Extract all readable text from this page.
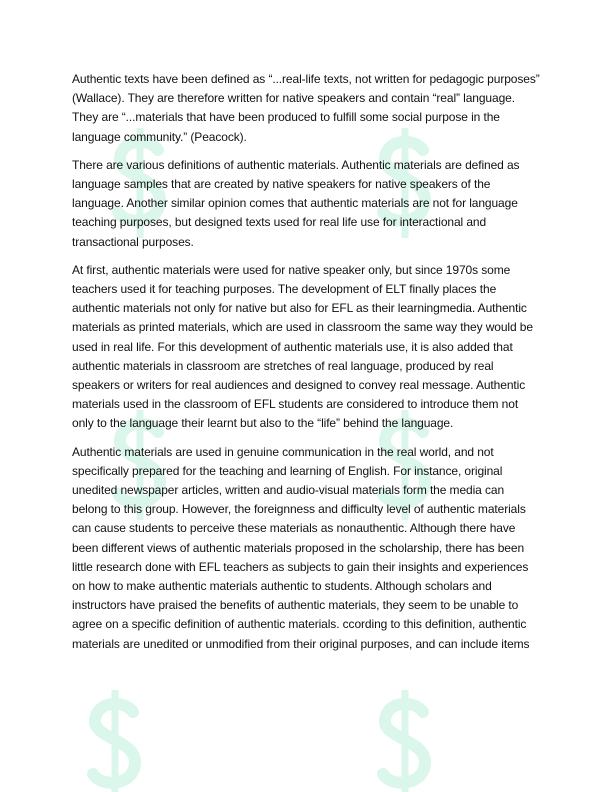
Authentic texts have been defined as “...real-life texts, not written for pedagogic purposes” (Wallace). They are therefore written for native speakers and contain “real” language. They are “...materials that have been produced to fulfill some social purpose in the language community.” (Peacock).

There are various definitions of authentic materials. Authentic materials are defined as language samples that are created by native speakers for native speakers of the language. Another similar opinion comes that authentic materials are not for language teaching purposes, but designed texts used for real life use for interactional and transactional purposes.

At first, authentic materials were used for native speaker only, but since 1970s some teachers used it for teaching purposes. The development of ELT finally places the authentic materials not only for native but also for EFL as their learningmedia. Authentic materials as printed materials, which are used in classroom the same way they would be used in real life. For this development of authentic materials use, it is also added that authentic materials in classroom are stretches of real language, produced by real speakers or writers for real audiences and designed to convey real message. Authentic materials used in the classroom of EFL students are considered to introduce them not only to the language their learnt but also to the “life” behind the language.

Authentic materials are used in genuine communication in the real world, and not specifically prepared for the teaching and learning of English. For instance, original unedited newspaper articles, written and audio-visual materials form the media can belong to this group. However, the foreignness and difficulty level of authentic materials can cause students to perceive these materials as nonauthentic. Although there have been different views of authentic materials proposed in the scholarship, there has been little research done with EFL teachers as subjects to gain their insights and experiences on how to make authentic materials authentic to students. Although scholars and instructors have praised the benefits of authentic materials, they seem to be unable to agree on a specific definition of authentic materials. ccording to this definition, authentic materials are unedited or unmodified from their original purposes, and can include items
